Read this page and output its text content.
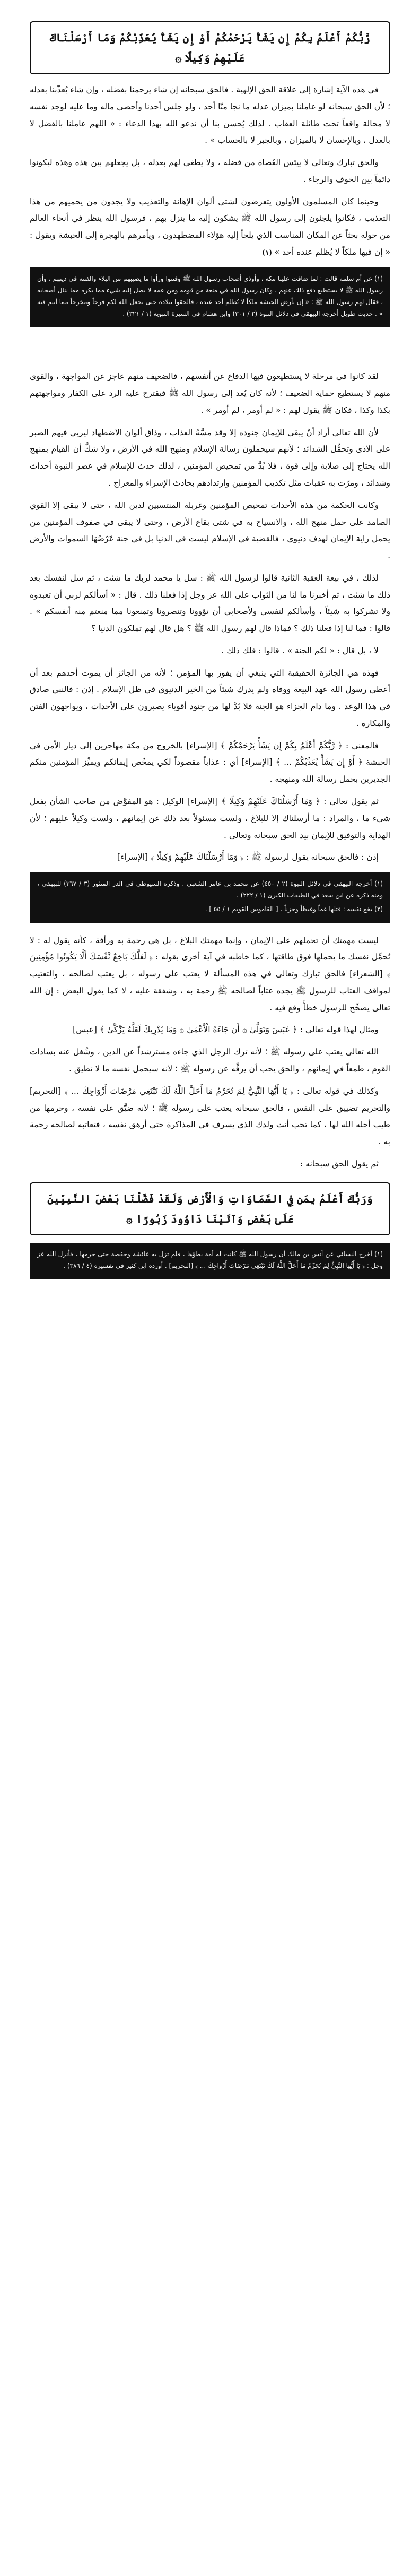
رَّبُّكُمْ أَعْلَمُ بِكُمْ إِن يَشَأْ يَرْحَمْكُمْ أَوْ إِن يَشَأْ يُعَذِّبْكُمْ وَمَا أَرْسَلْنَاكَ عَلَيْهِمْ وَكِيلًا ۞

في هذه الآية إشارة إلى علاقة الحق الإلهية . فالحق سبحانه إن شاء يرحمنا بفضله ، وإن شاء يُعذّبنا بعدله ؛ لأن الحق سبحانه لو عاملنا بميزان عدله ما نجا منّا أحد ، ولو جلس أحدنا وأحصى ماله وما عليه لوجد نفسه لا محالة واقعاً تحت طائلة العقاب . لذلك يُحسن بنا أن ندعو الله بهذا الدعاء : « اللهم عاملنا بالفضل لا بالعدل ، وبالإحسان لا بالميزان ، وبالجبر لا بالحساب » .

والحق تبارك وتعالى لا ييئس العُصاة من فضله ، ولا يطغى لهم بعدله ، بل يجعلهم بين هذه وهذه ليكونوا دائماً بين الخوف والرجاء .

وحينما كان المسلمون الأولون يتعرضون لشتى ألوان الإهانة والتعذيب ولا يجدون من يحميهم من هذا التعذيب ، فكانوا يلجئون إلى رسول الله ﷺ يشكون إليه ما ينزل بهم ، فرسول الله ينظر في أنحاء العالم من حوله بحثاً عن المكان المناسب الذي يلجأ إليه هؤلاء المضطهدون ، ويأمرهم بالهجرة إلى الحبشة ويقول : « إن فيها ملكاً لا يُظلم عنده أحد » (١)

(١) عن أم سلمة قالت : لما ضاقت علينا مكة ، وأوذي أصحاب رسول الله ﷺ وفتنوا ورأوا ما يصيبهم من البلاء والفتنة في دينهم ، وأن رسول الله ﷺ لا يستطيع دفع ذلك عنهم ، وكان رسول الله في منعة من قومه ومن عمه لا يصل إليه شيء مما يكره مما ينال أصحابه ، فقال لهم رسول الله ﷺ : « إن بأرض الحبشة ملكاً لا يُظلم أحد عنده ، فالحقوا ببلاده حتى يجعل الله لكم فرجاً ومخرجاً مما أنتم فيه » . حديث طويل أخرجه البيهقي في دلائل النبوة (٢ / ٣٠١) وابن هشام في السيرة النبوية (١ / ٣٢١) .

لقد كانوا في مرحلة لا يستطيعون فيها الدفاع عن أنفسهم ، فالضعيف منهم عاجز عن المواجهة ، والقوي منهم لا يستطيع حماية الضعيف ؛ لأنه كان يُعد إلى رسول الله ﷺ فيقترح عليه الرد على الكفار ومواجهتهم بكذا وكذا ، فكان ﷺ يقول لهم : « لم أومر ، لم أومر » .

لأن الله تعالى أراد أنْ يبقى للإيمان جنوده إلا وقد مسَّهُ العذاب ، وذاق ألوان الاضطهاد ليربي فيهم الصبر على الأذى وتحمُّل الشدائد ؛ لأنهم سيحملون رسالة الإسلام ومنهج الله في الأرض ، ولا شكَّ أن القيام بمنهج الله يحتاج إلى صلابة وإلى قوة ، فلا بُدَّ من تمحيص المؤمنين ، لذلك حدث للإسلام في عصر النبوة أحداث وشدائد ، ومرّت به عقبات مثل تكذيب المؤمنين وارتدادهم بحادث الإسراء والمعراج .

وكانت الحكمة من هذه الأحداث تمحيص المؤمنين وغربلة المنتسبين لدين الله ، حتى لا يبقى إلا القوي الصامد على حمل منهج الله ، والانسياح به في شتى بقاع الأرض ، وحتى لا يبقى في صفوف المؤمنين من يحمل راية الإيمان لهدف دنيوي ، فالقضية في الإسلام ليست في الدنيا بل في جنة عَرْضُهَا السموات والأرض .

لذلك ، في بيعة العقبة الثانية قالوا لرسول الله ﷺ : سل يا محمد لربك ما شئت ، ثم سل لنفسك بعد ذلك ما شئت ، ثم أخبرنا ما لنا من الثواب على الله عز وجل إذا فعلنا ذلك . قال : « أسألكم لربي أن تعبدوه ولا تشركوا به شيئاً ، وأسألكم لنفسي ولأصحابي أن تؤوونا وتنصرونا وتمنعونا مما منعتم منه أنفسكم » . قالوا : فما لنا إذا فعلنا ذلك ؟ فماذا قال لهم رسول الله ﷺ ؟ هل قال لهم تملكون الدنيا ؟

لا ، بل قال : « لكم الجنة » . قالوا : فلك ذلك .

فهذه هي الجائزة الحقيقية التي ينبغي أن يفوز بها المؤمن ؛ لأنه من الجائز أن يموت أحدهم بعد أن أعطى رسول الله عهد البيعة ووفاه ولم يدرك شيئاً من الخير الدنيوي في ظل الإسلام . إذن : فالنبي صادق في هذا الوعد . وما دام الجزاء هو الجنة فلا بُدَّ لها من جنود أقوياء يصبرون على الأحداث ، ويواجهون الفتن والمكاره .

فالمعنى : ﴿ رَّبُّكُمْ أَعْلَمُ بِكُمْ إِن يَشَأْ يَرْحَمْكُمْ ﴾ [الإسراء] بالخروج من مكة مهاجرين إلى ديار الأمن في الحبشة ﴿ أَوْ إِن يَشَأْ يُعَذِّبْكُمْ ... ﴾ [الإسراء] أي : عذاباً مقصوداً لكي يمحِّص إيمانكم ويميِّز المؤمنين منكم الجديرين بحمل رسالة الله ومنهجه .

ثم يقول تعالى : ﴿ وَمَا أَرْسَلْنَاكَ عَلَيْهِمْ وَكِيلًا ﴾ [الإسراء] الوكيل : هو المفوَّض من صاحب الشأن بفعل شيء ما ، والمراد : ما أرسلناك إلا للبلاغ ، ولست مسئولاً بعد ذلك عن إيمانهم ، ولست وكيلاً عليهم ؛ لأن الهداية والتوفيق للإيمان بيد الحق سبحانه وتعالى .

إذن : فالحق سبحانه يقول لرسوله ﷺ : ﴿ وَمَا أَرْسَلْنَاكَ عَلَيْهِمْ وَكِيلًا ﴾ [الإسراء]

(١) أخرجه البيهقي في دلائل النبوة (٢ / ٤٥٠) عن محمد بن عامر الشعبي . وذكره السيوطي في الدر المنثور (٣ / ٣٦٧) للبيهقي ، ومنه ذكره عن ابن سعد في الطبقات الكبرى (١ / ٢٢٢) .

(٢) بخع نفسه : قتلها غماً وغيظاً وحزناً . [ القاموس القويم ١ / ٥٥ ] .

ليست مهمتك أن تحملهم على الإيمان ، وإنما مهمتك البلاغ ، بل هي رحمة به ورأفة ، كأنه يقول له : لا تُحمِّل نفسك ما يحملها فوق طاقتها ، كما خاطبه في آية أخرى بقوله : ﴿ لَعَلَّكَ بَاخِعٌ نَّفْسَكَ أَلَّا يَكُونُوا مُؤْمِنِينَ ﴾ [الشعراء] فالحق تبارك وتعالى في هذه المسألة لا يعتب على رسوله ، بل يعتب لصالحه ، والتعتيب لمواقف العتاب للرسول ﷺ يجده عتاباً لصالحه ﷺ رحمة به ، وشفقة عليه ، لا كما يقول البعض : إن الله تعالى يصحِّح للرسول خطأً وقع فيه .

ومثال لهذا قوله تعالى : ﴿ عَبَسَ وَتَوَلَّىٰ ۞ أَن جَاءَهُ الْأَعْمَىٰ ۞ وَمَا يُدْرِيكَ لَعَلَّهُ يَزَّكَّىٰ ﴾ [عبس]

الله تعالى يعتب على رسوله ﷺ ؛ لأنه ترك الرجل الذي جاءه مسترشداً عن الدين ، وشُغل عنه بسادات القوم ، طمعاً في إيمانهم ، والحق يحب أن يرفِّه عن رسوله ﷺ ؛ لأنه سيحمل نفسه ما لا تطيق .

وكذلك في قوله تعالى : ﴿ يَا أَيُّهَا النَّبِيُّ لِمَ تُحَرِّمُ مَا أَحَلَّ اللَّهُ لَكَ تَبْتَغِي مَرْضَاتَ أَزْوَاجِكَ ... ﴾ [التحريم] والتحريم تضييق على النفس ، فالحق سبحانه يعتب على رسوله ﷺ ؛ لأنه ضيَّق على نفسه ، وحرمها من طيب أحله الله لها ، كما تحب أنت ولدك الذي يسرف في المذاكرة حتى أرهق نفسه ، فتعاتبه لصالحه رحمة به .

ثم يقول الحق سبحانه :

وَرَبُّكَ أَعْلَمُ بِمَن فِي السَّمَاوَاتِ وَالْأَرْضِ وَلَقَدْ فَضَّلْنَا بَعْضَ النَّبِيِّينَ عَلَىٰ بَعْضٍ وَآتَيْنَا دَاوُودَ زَبُورًا ۞

(١) أخرج النسائي عن أنس بن مالك أن رسول الله ﷺ كانت له أمة يطؤها ، فلم تزل به عائشة وحفصة حتى حرمها ، فأنزل الله عز وجل : ﴿ يَا أَيُّهَا النَّبِيُّ لِمَ تُحَرِّمُ مَا أَحَلَّ اللَّهُ لَكَ تَبْتَغِي مَرْضَاتَ أَزْوَاجِكَ ... ﴾ [التحريم] . أورده ابن كثير في تفسيره (٤ / ٣٨٦) .
